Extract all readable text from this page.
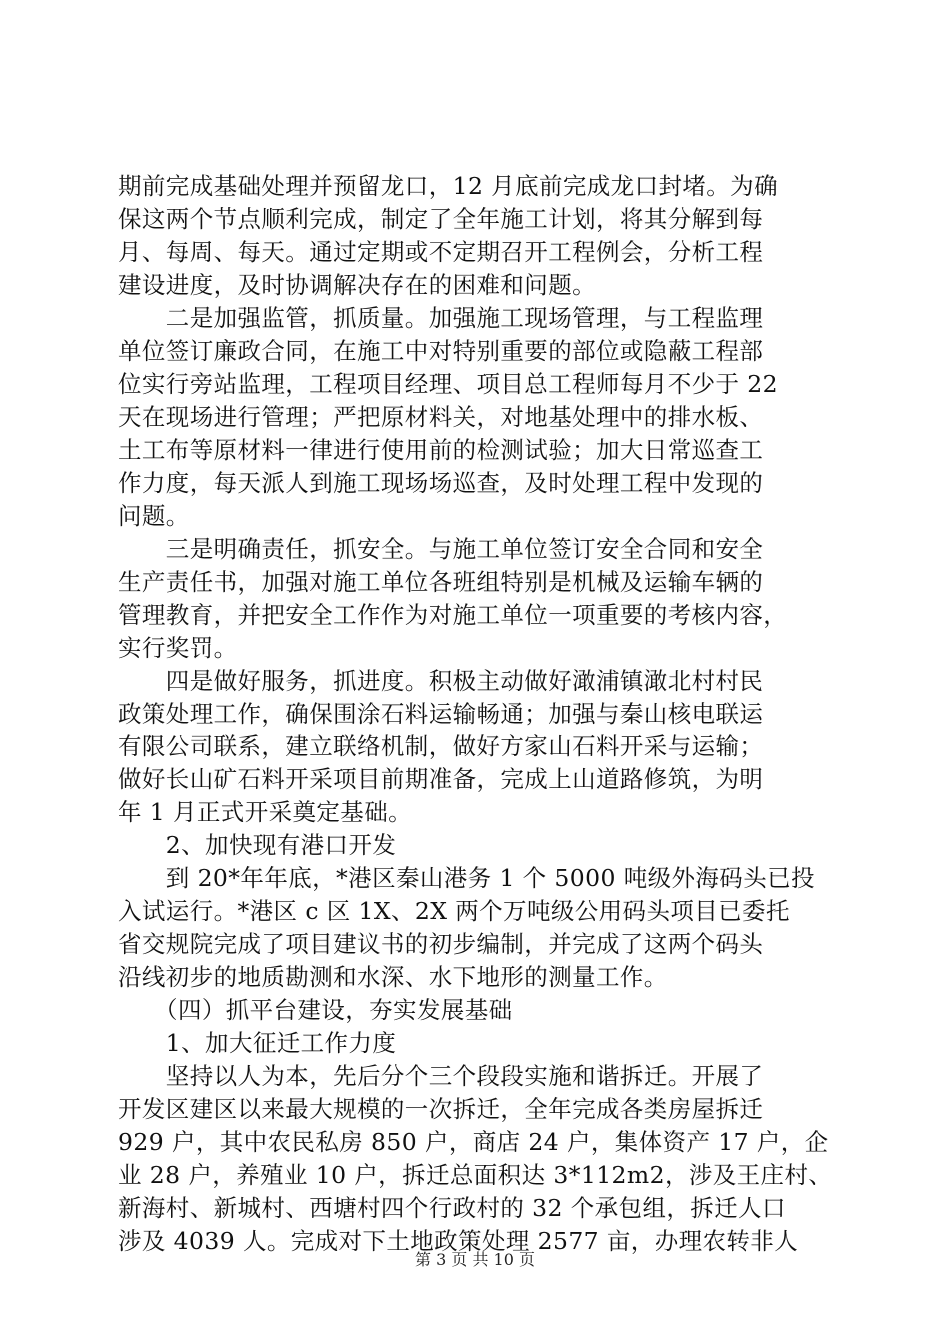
期前完成基础处理并预留龙口，12 月底前完成龙口封堵。为确
保这两个节点顺利完成，制定了全年施工计划，将其分解到每
月、每周、每天。通过定期或不定期召开工程例会，分析工程
建设进度，及时协调解决存在的困难和问题。
　　二是加强监管，抓质量。加强施工现场管理，与工程监理
单位签订廉政合同，在施工中对特别重要的部位或隐蔽工程部
位实行旁站监理，工程项目经理、项目总工程师每月不少于 22
天在现场进行管理；严把原材料关，对地基处理中的排水板、
土工布等原材料一律进行使用前的检测试验；加大日常巡查工
作力度，每天派人到施工现场场巡查，及时处理工程中发现的
问题。
　　三是明确责任，抓安全。与施工单位签订安全合同和安全
生产责任书，加强对施工单位各班组特别是机械及运输车辆的
管理教育，并把安全工作作为对施工单位一项重要的考核内容，
实行奖罚。
　　四是做好服务，抓进度。积极主动做好澉浦镇澉北村村民
政策处理工作，确保围涂石料运输畅通；加强与秦山核电联运
有限公司联系，建立联络机制，做好方家山石料开采与运输；
做好长山矿石料开采项目前期准备，完成上山道路修筑，为明
年 1 月正式开采奠定基础。
　　2、加快现有港口开发
　　到 20*年年底，*港区秦山港务 1 个 5000 吨级外海码头已投
入试运行。*港区 c 区 1X、2X 两个万吨级公用码头项目已委托
省交规院完成了项目建议书的初步编制，并完成了这两个码头
沿线初步的地质勘测和水深、水下地形的测量工作。
　　（四）抓平台建设，夯实发展基础
　　1、加大征迁工作力度
　　坚持以人为本，先后分个三个段段实施和谐拆迁。开展了
开发区建区以来最大规模的一次拆迁，全年完成各类房屋拆迁
929 户，其中农民私房 850 户，商店 24 户，集体资产 17 户，企
业 28 户，养殖业 10 户，拆迁总面积达 3*112m2，涉及王庄村、
新海村、新城村、西塘村四个行政村的 32 个承包组，拆迁人口
涉及 4039 人。完成对下土地政策处理 2577 亩，办理农转非人
第 3 页 共 10 页
